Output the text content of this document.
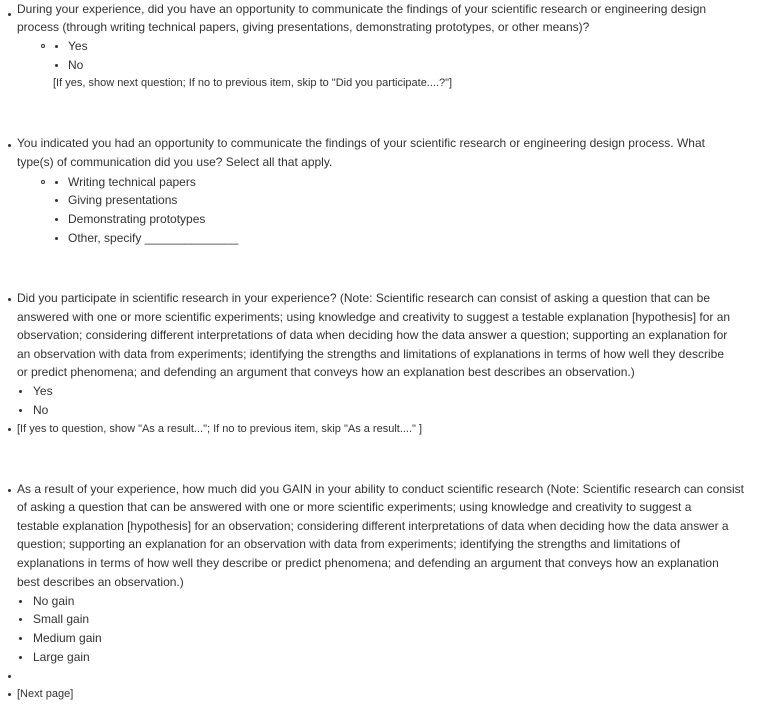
During your experience, did you have an opportunity to communicate the findings of your scientific research or engineering design
process (through writing technical papers, giving presentations, demonstrating prototypes, or other means)?
Yes
No
[If yes, show next question; If no to previous item, skip to "Did you participate....?"]
You indicated you had an opportunity to communicate the findings of your scientific research or engineering design process. What
type(s) of communication did you use? Select all that apply.
Writing technical papers
Giving presentations
Demonstrating prototypes
Other, specify ______________
Did you participate in scientific research in your experience? (Note: Scientific research can consist of asking a question that can be
answered with one or more scientific experiments; using knowledge and creativity to suggest a testable explanation [hypothesis] for an
observation; considering different interpretations of data when deciding how the data answer a question; supporting an explanation for
an observation with data from experiments; identifying the strengths and limitations of explanations in terms of how well they describe
or predict phenomena; and defending an argument that conveys how an explanation best describes an observation.)
Yes
No
[If yes to question, show "As a result..."; If no to previous item, skip "As a result...." ]
As a result of your experience, how much did you GAIN in your ability to conduct scientific research (Note: Scientific research can consist
of asking a question that can be answered with one or more scientific experiments; using knowledge and creativity to suggest a
testable explanation [hypothesis] for an observation; considering different interpretations of data when deciding how the data answer a
question; supporting an explanation for an observation with data from experiments; identifying the strengths and limitations of
explanations in terms of how well they describe or predict phenomena; and defending an argument that conveys how an explanation
best describes an observation.)
No gain
Small gain
Medium gain
Large gain
[Next page]
